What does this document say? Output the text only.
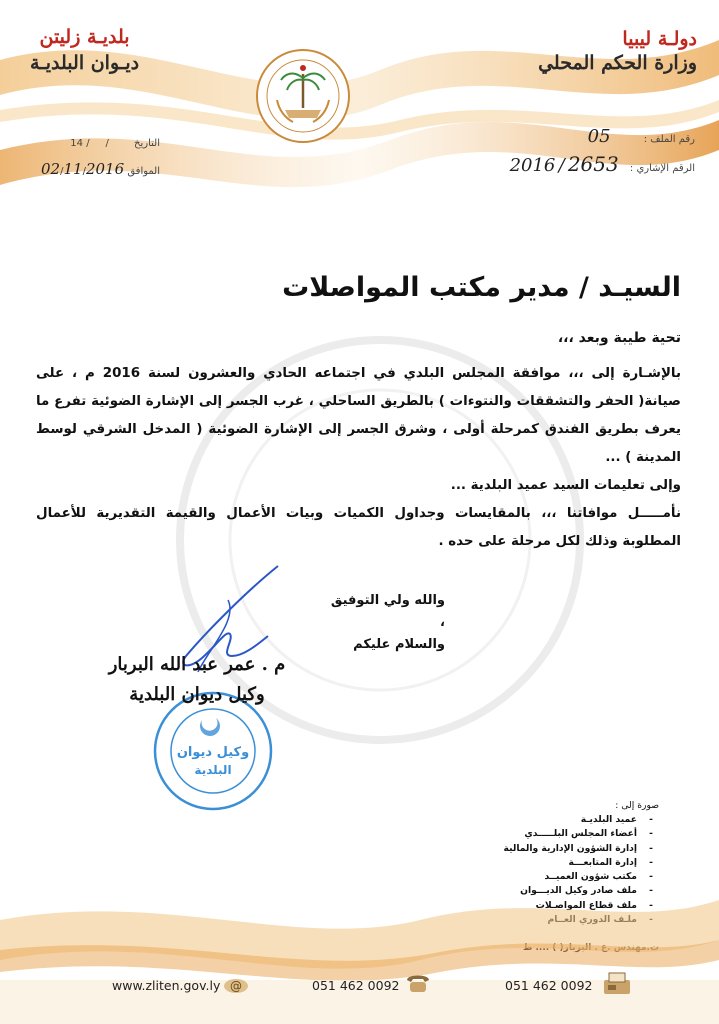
دولـة ليبيا
وزارة الحكم المحلي
بلديـة زليتن
ديـوان البلديـة
التاريخ /     / 14
الموافق 02/11/2016
رقم الملف : 05
الرقم الإشاري : 2653 / 2016
السيـد / مدير مكتب المواصلات
تحية طيبة وبعد ،،،

بالإشـارة إلى ،،، موافقة المجلس البلدي في اجتماعه الحادي والعشرون لسنة 2016 م ، على صيانة( الحفر والتشققات والنتوءات ) بالطريق الساحلي ، غرب الجسر إلى الإشارة الضوئية تفرع ما يعرف بطريق الفندق كمرحلة أولى ، وشرق الجسر إلى الإشارة الضوئية ( المدخل الشرقي لوسط المدينة ) ...

وإلى تعليمات السيد عميد البلدية ...

نأمـــــل موافاتنا ،،، بالمقايسات وجداول الكميات وبيات الأعمال والقيمة التقديرية للأعمال المطلوبة وذلك لكل مرحلة على حده .

والله ولي التوفيق ،
والسلام عليكم
وكيل ديوان
البلدية
م . عمر عبد الله البربار
وكيل ديوان البلدية
صورة إلى :
- عميد البلديـة
- أعضاء المجلس البلـــــدي
- إدارة الشؤون الإدارية والمالية
- إدارة المتابعـــة
- مكتب شؤون العميــد
- ملف صادر وكيل الديـــوان
- ملف قطاع المواصـلات
-
www.zliten.gov.ly @	051 462 0092	051 462 0092
